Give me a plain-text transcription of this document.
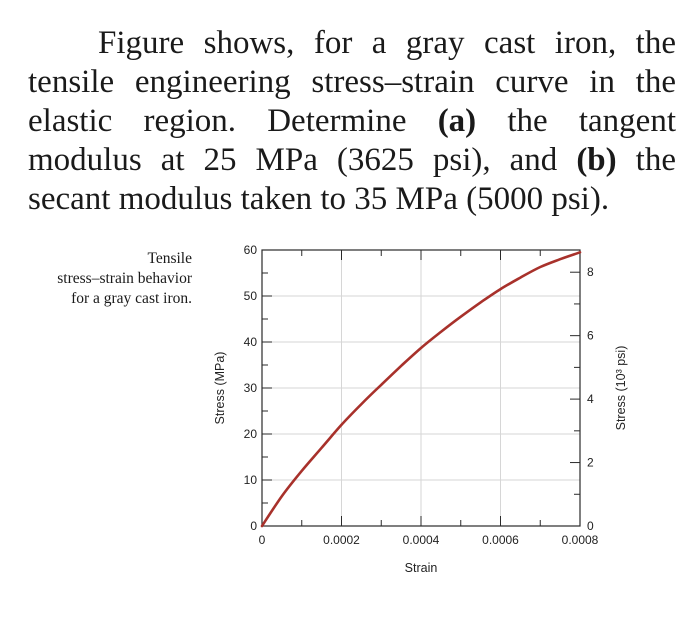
Figure shows, for a gray cast iron, the tensile engineering stress–strain curve in the elastic region. Determine (a) the tangent modulus at 25 MPa (3625 psi), and (b) the secant modulus taken to 35 MPa (5000 psi).

Tensile
stress–strain behavior
for a gray cast iron.
0
10
20
30
40
50
60
0	0.0002	0.0004	0.0006	0.0008
0
2
4
6
8
Strain
Stress (MPa)	Stress (10³ psi)
